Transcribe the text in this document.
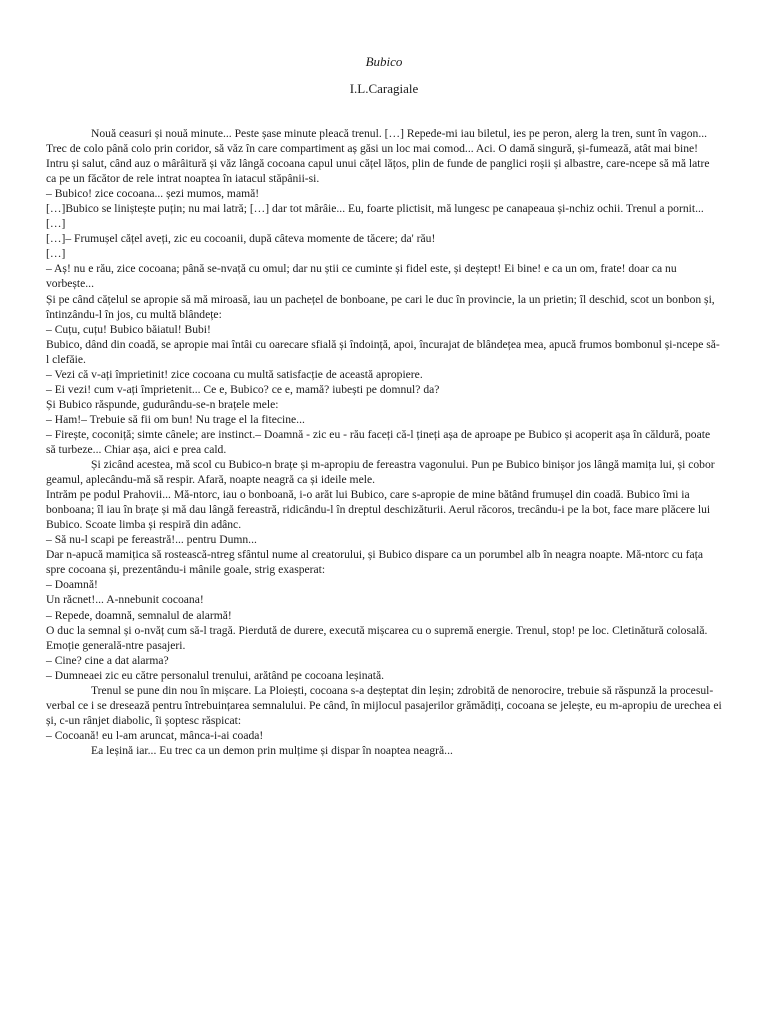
Bubico
I.L.Caragiale

Nouă ceasuri și nouă minute... Peste șase minute pleacă trenul. […] Repede-mi iau biletul, ies pe peron, alerg la tren, sunt în vagon... Trec de colo până colo prin coridor, să văz în care compartiment aș găsi un loc mai comod... Aci. O damă singură, și-fumează, atât mai bine! Intru și salut, când auz o mârâitură și văz lângă cocoana capul unui cățel lățos, plin de funde de panglici roșii și albastre, care-ncepe să mă latre ca pe un făcător de rele intrat noaptea în iatacul stăpânii-si.

– Bubico! zice cocoana... șezi mumos, mamă!

[…]Bubico se liniștește puțin; nu mai latră; […] dar tot mârâie... Eu, foarte plictisit, mă lungesc pe canapeaua și-nchiz ochii. Trenul a pornit... […]

[…]– Frumușel cățel aveți, zic eu cocoanii, după câteva momente de tăcere; da' rău!

[…]

– Aș! nu e rău, zice cocoana; până se-nvață cu omul; dar nu știi ce cuminte și fidel este, și deștept! Ei bine! e ca un om, frate! doar ca nu vorbește...

Și pe când cățelul se apropie să mă miroasă, iau un pachețel de bonboane, pe cari le duc în provincie, la un prietin; îl deschid, scot un bonbon și, întinzându-l în jos, cu multă blândețe:

– Cuțu, cuțu! Bubico băiatul! Bubi!

Bubico, dând din coadă, se apropie mai întâi cu oarecare sfială și îndoință, apoi, încurajat de blândețea mea, apucă frumos bombonul și-ncepe să-l clefăie.

– Vezi că v-ați împrietinit! zice cocoana cu multă satisfacție de această apropiere.

– Ei vezi! cum v-ați împrietenit... Ce e, Bubico? ce e, mamă? iubești pe domnul? da?

Și Bubico răspunde, gudurându-se-n brațele mele:

– Ham!– Trebuie să fii om bun! Nu trage el la fitecine...

– Firește, coconiță; simte cânele; are instinct.– Doamnă - zic eu - rău faceți că-l țineți așa de aproape pe Bubico și acoperit așa în căldură, poate să turbeze... Chiar așa, aici e prea cald.

Și zicând acestea, mă scol cu Bubico-n brațe și m-apropiu de fereastra vagonului. Pun pe Bubico binișor jos lângă mamița lui, și cobor geamul, aplecându-mă să respir. Afară, noapte neagră ca și ideile mele.

Intrăm pe podul Prahovii... Mă-ntorc, iau o bonboană, i-o arăt lui Bubico, care s-apropie de mine bătând frumușel din coadă. Bubico îmi ia bonboana; îl iau în brațe și mă dau lângă fereastră, ridicându-l în dreptul deschizăturii. Aerul răcoros, trecându-i pe la bot, face mare plăcere lui Bubico. Scoate limba și respiră din adânc.

– Să nu-l scapi pe fereastră!... pentru Dumn...

Dar n-apucă mamițica să rostească-ntreg sfântul nume al creatorului, și Bubico dispare ca un porumbel alb în neagra noapte. Mă-ntorc cu fața spre cocoana și, prezentându-i mânile goale, strig exasperat:

– Doamnă!

Un răcnet!... A-nnebunit cocoana!

– Repede, doamnă, semnalul de alarmă!

O duc la semnal și o-nvăț cum să-l tragă. Pierdută de durere, execută mișcarea cu o supremă energie. Trenul, stop! pe loc. Cletinătură colosală. Emoție generală-ntre pasajeri.

– Cine? cine a dat alarma?

– Dumneaei zic eu către personalul trenului, arătând pe cocoana leșinată.

Trenul se pune din nou în mișcare. La Ploiești, cocoana s-a deșteptat din leșin; zdrobită de nenorocire, trebuie să răspunză la procesul-verbal ce i se dresează pentru întrebuințarea semnalului. Pe când, în mijlocul pasajerilor grămădiți, cocoana se jelește, eu m-apropiu de urechea ei și, c-un rânjet diabolic, îi șoptesc răspicat:

– Cocoană! eu l-am aruncat, mânca-i-ai coada!

Ea leșină iar... Eu trec ca un demon prin mulțime și dispar în noaptea neagră...
